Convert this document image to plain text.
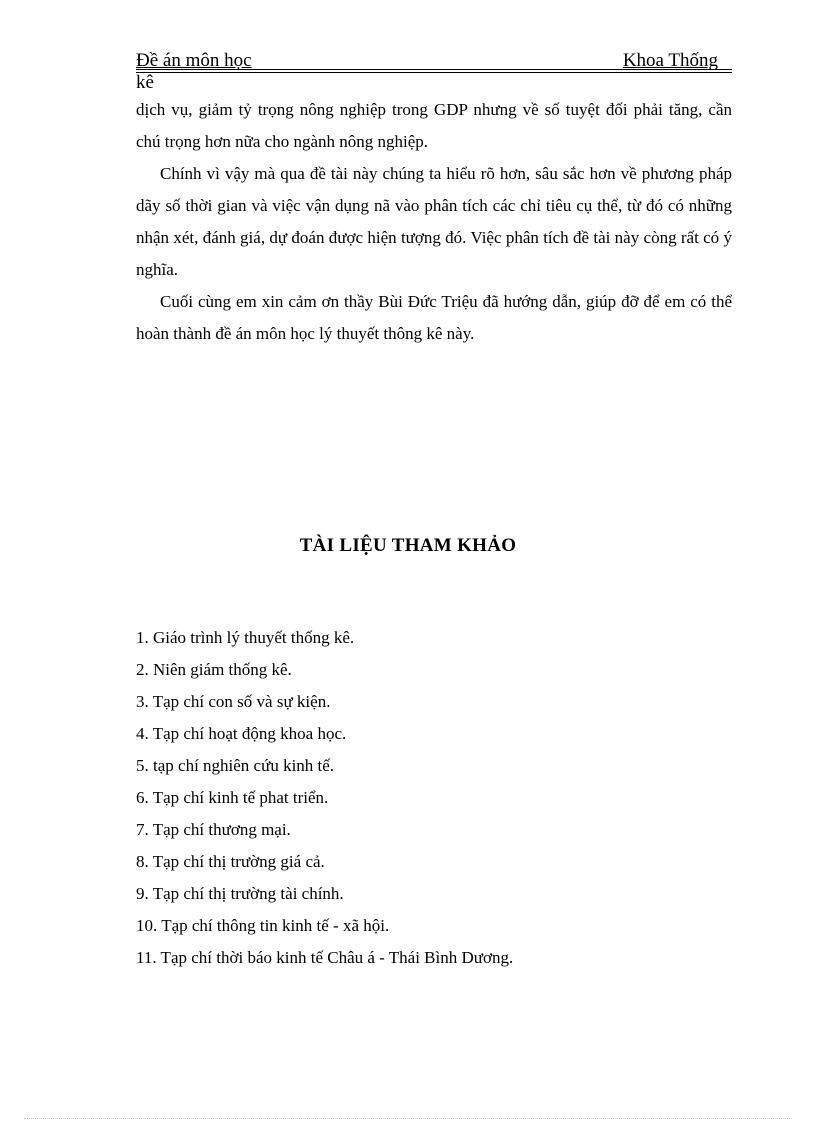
Đề án môn học	Khoa Thống
kê

dịch vụ, giảm tỷ trọng nông nghiệp trong GDP nhưng về số tuyệt đối phải tăng, cần chú trọng hơn nữa cho ngành nông nghiệp.

Chính vì vậy mà qua đề tài này chúng ta hiểu rõ hơn, sâu sắc hơn về phương pháp dãy số thời gian và việc vận dụng nã vào phân tích các chỉ tiêu cụ thể, từ đó có những nhận xét, đánh giá, dự đoán được hiện tượng đó. Việc phân tích đề tài này còng rất có ý nghĩa.

Cuối cùng em xin cảm ơn thầy Bùi Đức Triệu đã hướng dẫn, giúp đỡ để em có thể hoàn thành đề án môn học lý thuyết thông kê này.

TÀI LIỆU THAM KHẢO
1. Giáo trình lý thuyết thống kê.
2. Niên giám thống kê.
3. Tạp chí con số và sự kiện.
4. Tạp chí hoạt động khoa học.
5. tạp chí nghiên cứu kinh tế.
6. Tạp chí kinh tế phat triển.
7. Tạp chí thương mại.
8. Tạp chí thị trường giá cả.
9. Tạp chí thị trường tài chính.
10. Tạp chí thông tin kinh tế - xã hội.
11. Tạp chí thời báo kinh tế Châu á - Thái Bình Dương.
